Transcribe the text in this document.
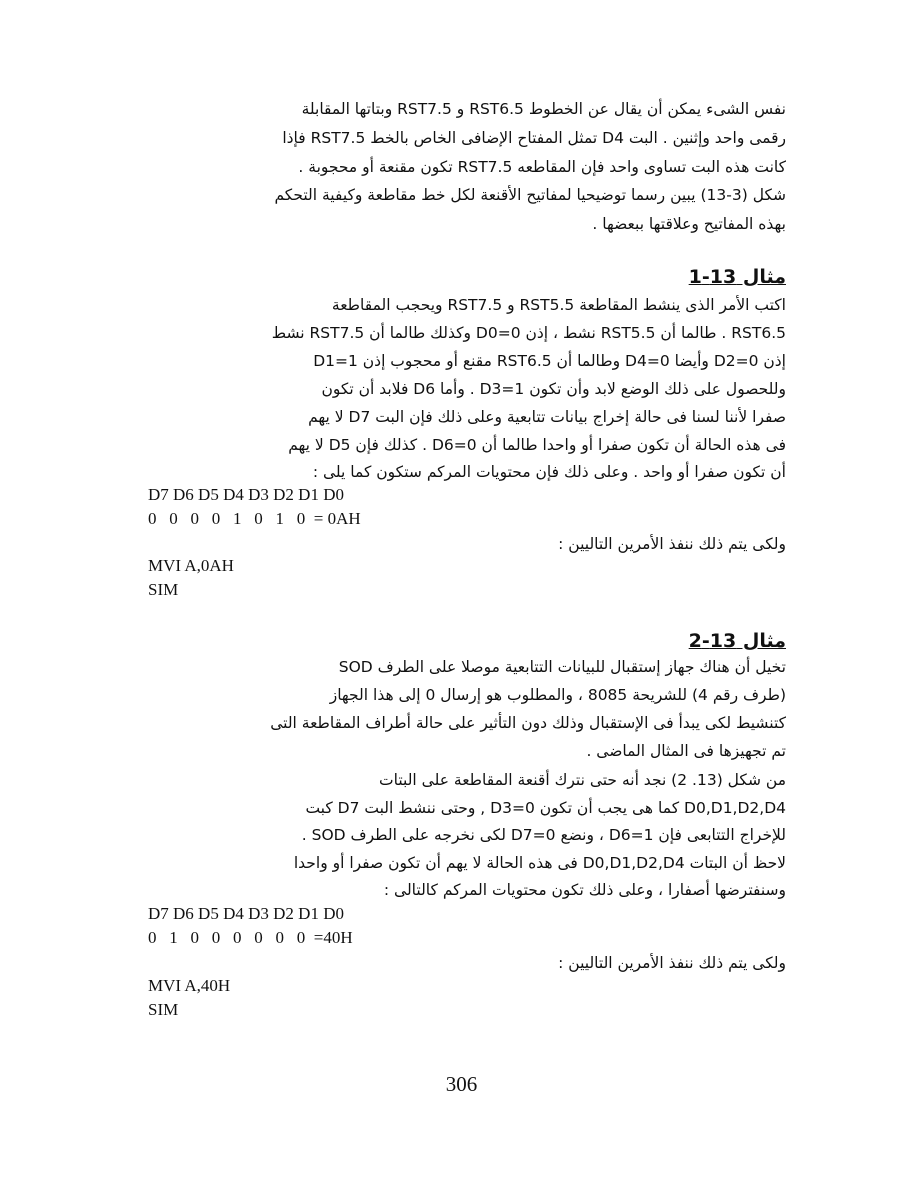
نفس الشىء يمكن أن يقال عن الخطوط RST6.5 و RST7.5 وبتاتها المقابلة
رقمى واحد وإثنين . البت D4 تمثل المفتاح الإضافى الخاص بالخط RST7.5 فإذا
كانت هذه البت تساوى واحد فإن المقاطعه RST7.5 تكون مقنعة أو محجوبة .
شكل (3-13) يبين رسما توضيحيا لمفاتيح الأقنعة لكل خط مقاطعة وكيفية التحكم
بهذه المفاتيح وعلاقتها ببعضها .
مثال 13-1
اكتب الأمر الذى ينشط المقاطعة RST5.5 و RST7.5 ويحجب المقاطعة
RST6.5 . طالما أن RST5.5 نشط ، إذن D0=0 وكذلك طالما أن RST7.5 نشط
إذن D2=0 وأيضا D4=0 وطالما أن RST6.5 مقنع أو محجوب إذن D1=1
وللحصول على ذلك الوضع لابد وأن تكون D3=1 . وأما D6 فلابد أن تكون
صفرا لأننا لسنا فى حالة إخراج بيانات تتابعية وعلى ذلك فإن البت D7 لا يهم
فى هذه الحالة أن تكون صفرا أو واحدا طالما أن D6=0 . كذلك فإن D5 لا يهم
أن تكون صفرا أو واحد . وعلى ذلك فإن محتويات المركم ستكون كما يلى :
D7 D6 D5 D4 D3 D2 D1 D0
0   0   0   0   1   0   1   0  = 0AH
ولكى يتم ذلك ننفذ الأمرين التاليين :
MVI A,0AH
SIM
مثال 13-2
تخيل أن هناك جهاز إستقبال للبيانات التتابعية موصلا على الطرف SOD
(طرف رقم 4) للشريحة 8085 ، والمطلوب هو إرسال 0 إلى هذا الجهاز
كتنشيط لكى يبدأ فى الإستقبال وذلك دون التأثير على حالة أطراف المقاطعة التى
تم تجهيزها فى المثال الماضى .
من شكل (13. 2) نجد أنه حتى نترك أقنعة المقاطعة على البتات
D0,D1,D2,D4 كما هى يجب أن تكون D3=0 , وحتى ننشط البت D7 كبت
للإخراج التتابعى فإن D6=1 ، ونضع D7=0 لكى نخرجه على الطرف SOD .
لاحظ أن البتات D0,D1,D2,D4 فى هذه الحالة لا يهم أن تكون صفرا أو واحدا
وسنفترضها أصفارا ، وعلى ذلك تكون محتويات المركم كالتالى :
D7 D6 D5 D4 D3 D2 D1 D0
0   1   0   0   0   0   0   0  =40H
ولكى يتم ذلك ننفذ الأمرين التاليين :
MVI A,40H
SIM
306
